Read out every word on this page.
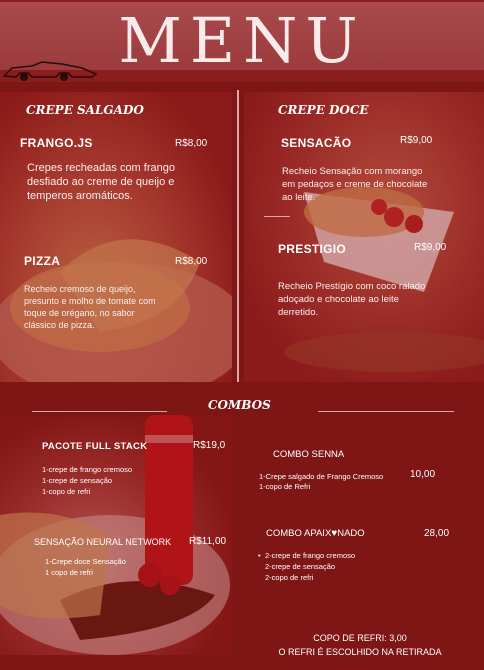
MENU
CREPE SALGADO
FRANGO.JS	R$8,00
Crepes recheadas com frango desfiado ao creme de queijo e temperos aromáticos.
PIZZA	R$8,00
Recheio cremoso de queijo, presunto e molho de tomate com toque de orégano, no sabor clássico de pizza.
CREPE DOCE
SENSACÃO	R$9,00
Recheio Sensação com morango em pedaços e creme de chocolate ao leite.
PRESTIGIO	R$9,00
Recheio Prestígio com coco ralado adoçado e chocolate ao leite derretido.
COMBOS
PACOTE FULL STACK	R$19,0
1-crepe de frango cremoso
1-crepe de sensação
1-copo de refri
SENSAÇÃO NEURAL NETWORK R$11,00
1-Crepe doce Sensação
1 copo de refri
COMBO SENNA
10,00
1-Crepe salgado de Frango Cremoso
1-copo de Refri
COMBO APAIX♥NADO	28,00
• 2-crepe de frango cremoso
2-crepe de sensação
2-copo de refri
COPO DE REFRI: 3,00
O REFRI É ESCOLHIDO NA RETIRADA
